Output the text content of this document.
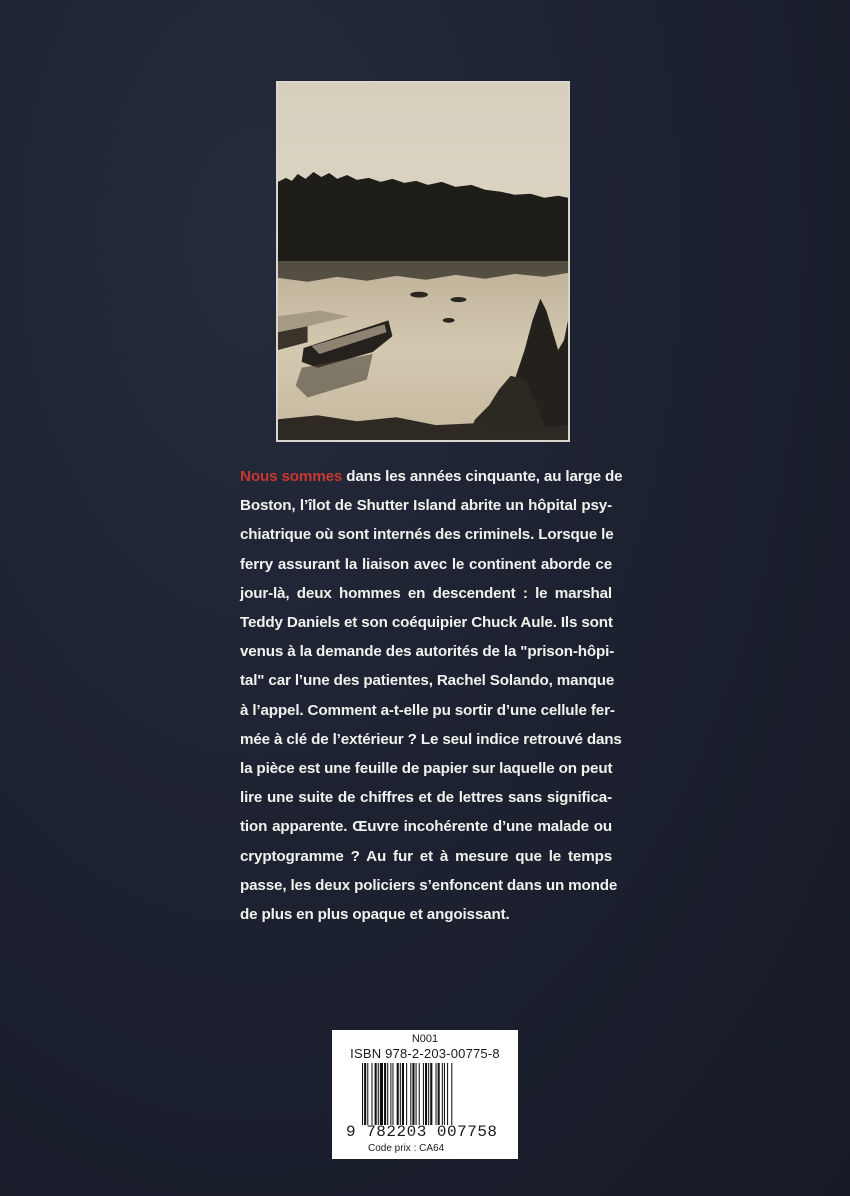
Nous sommes dans les années cinquante, au large de
Boston, l’îlot de Shutter Island abrite un hôpital psy-
chiatrique où sont internés des criminels. Lorsque le
ferry assurant la liaison avec le continent aborde ce
jour-là, deux hommes en descendent : le marshal
Teddy Daniels et son coéquipier Chuck Aule. Ils sont
venus à la demande des autorités de la "prison-hôpi-
tal" car l’une des patientes, Rachel Solando, manque
à l’appel. Comment a-t-elle pu sortir d’une cellule fer-
mée à clé de l’extérieur ? Le seul indice retrouvé dans
la pièce est une feuille de papier sur laquelle on peut
lire une suite de chiffres et de lettres sans significa-
tion apparente. Œuvre incohérente d’une malade ou
cryptogramme ? Au fur et à mesure que le temps
passe, les deux policiers s’enfoncent dans un monde
de plus en plus opaque et angoissant.
N001
ISBN 978-2-203-00775-8
9 782203 007758
Code prix : CA64
